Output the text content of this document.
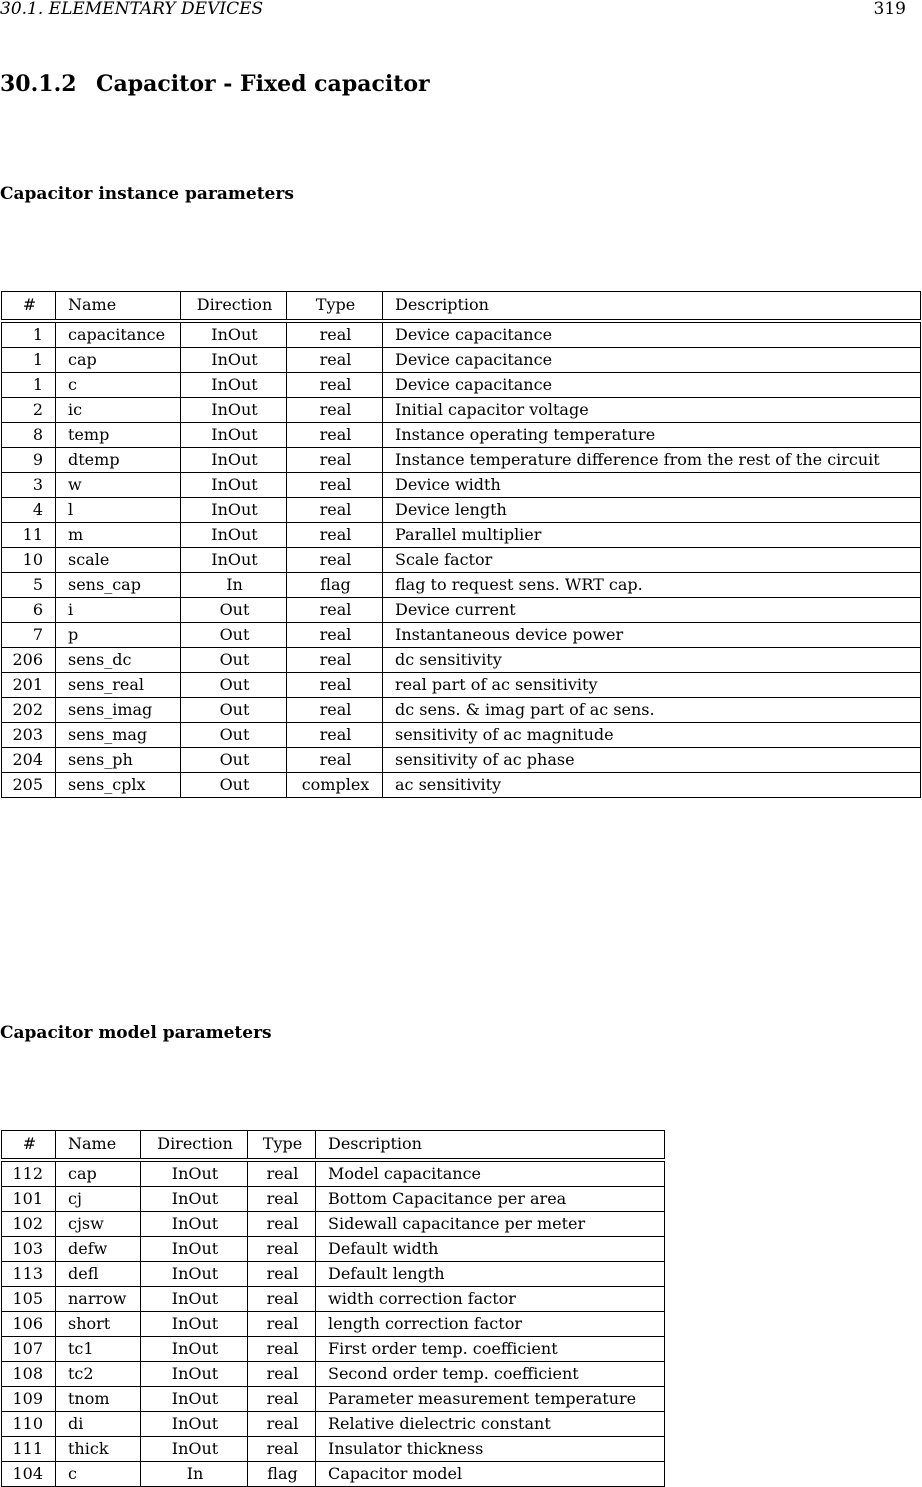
30.1. ELEMENTARY DEVICES	319
30.1.2 Capacitor - Fixed capacitor
Capacitor instance parameters
#	Name	Direction	Type	Description
1	capacitance	InOut	real	Device capacitance
1	cap	InOut	real	Device capacitance
1	c	InOut	real	Device capacitance
2	ic	InOut	real	Initial capacitor voltage
8	temp	InOut	real	Instance operating temperature
9	dtemp	InOut	real	Instance temperature difference from the rest of the circuit
3	w	InOut	real	Device width
4	l	InOut	real	Device length
11	m	InOut	real	Parallel multiplier
10	scale	InOut	real	Scale factor
5	sens_cap	In	flag	flag to request sens. WRT cap.
6	i	Out	real	Device current
7	p	Out	real	Instantaneous device power
206	sens_dc	Out	real	dc sensitivity
201	sens_real	Out	real	real part of ac sensitivity
202	sens_imag	Out	real	dc sens. & imag part of ac sens.
203	sens_mag	Out	real	sensitivity of ac magnitude
204	sens_ph	Out	real	sensitivity of ac phase
205	sens_cplx	Out	complex	ac sensitivity
Capacitor model parameters
#	Name	Direction	Type	Description
112	cap	InOut	real	Model capacitance
101	cj	InOut	real	Bottom Capacitance per area
102	cjsw	InOut	real	Sidewall capacitance per meter
103	defw	InOut	real	Default width
113	defl	InOut	real	Default length
105	narrow	InOut	real	width correction factor
106	short	InOut	real	length correction factor
107	tc1	InOut	real	First order temp. coefficient
108	tc2	InOut	real	Second order temp. coefficient
109	tnom	InOut	real	Parameter measurement temperature
110	di	InOut	real	Relative dielectric constant
111	thick	InOut	real	Insulator thickness
104	c	In	flag	Capacitor model
